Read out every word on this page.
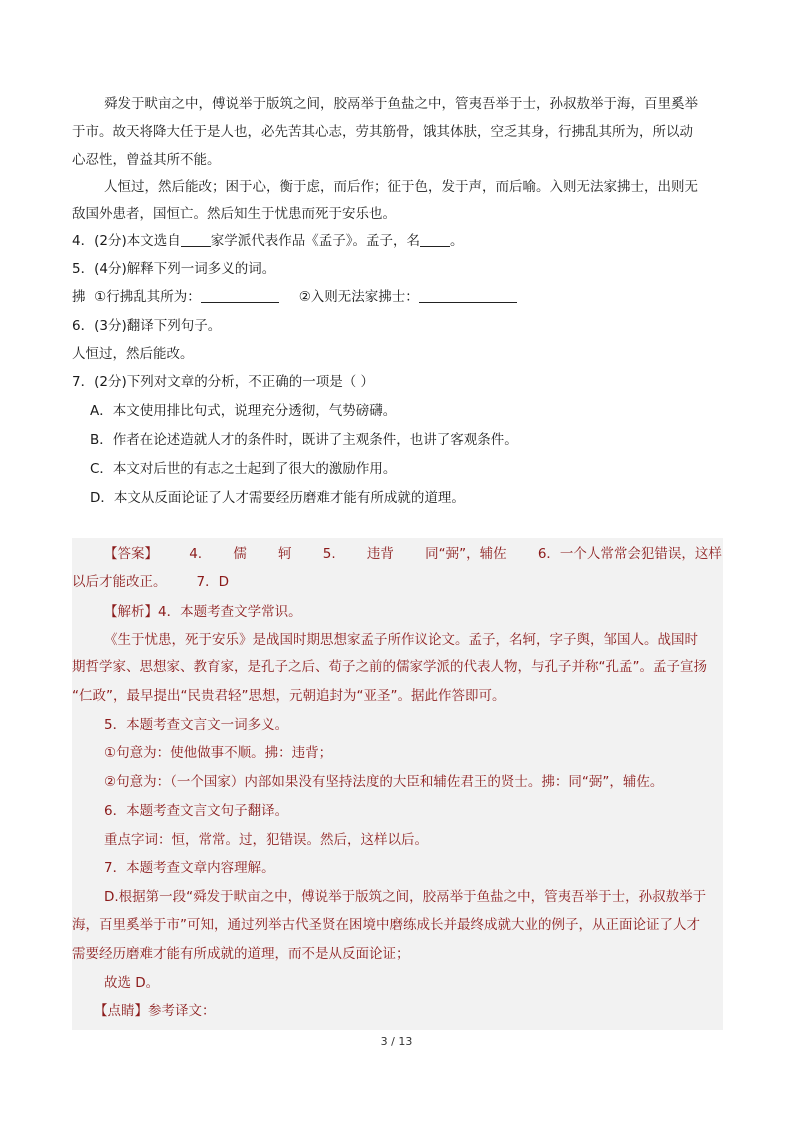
舜发于畎亩之中，傅说举于版筑之间，胶鬲举于鱼盐之中，管夷吾举于士，孙叔敖举于海，百里奚举
于市。故天将降大任于是人也，必先苦其心志，劳其筋骨，饿其体肤，空乏其身，行拂乱其所为，所以动
心忍性，曾益其所不能。
人恒过，然后能改；困于心，衡于虑，而后作；征于色，发于声，而后喻。入则无法家拂士，出则无
敌国外患者，国恒亡。然后知生于忧患而死于安乐也。
4．(2分)本文选自 家学派代表作品《孟子》。孟子，名 。
5．(4分)解释下列一词多义的词。
拂 ①行拂乱其所为：	②入则无法家拂士：
6．(3分)翻译下列句子。
人恒过，然后能改。
7．(2分)下列对文章的分析，不正确的一项是（ ）
A．本文使用排比句式，说理充分透彻，气势磅礴。
B．作者在论述造就人才的条件时，既讲了主观条件，也讲了客观条件。
C．本文对后世的有志之士起到了很大的激励作用。
D．本文从反面论证了人才需要经历磨难才能有所成就的道理。
【答案】 4. 儒 轲 5. 违背 同“弼”，辅佐 6．一个人常常会犯错误，这样
以后才能改正。 7．D
【解析】4．本题考查文学常识。
《生于忧患，死于安乐》是战国时期思想家孟子所作议论文。孟子，名轲，字子舆，邹国人。战国时
期哲学家、思想家、教育家，是孔子之后、荀子之前的儒家学派的代表人物，与孔子并称“孔孟”。孟子宣扬
“仁政”，最早提出“民贵君轻”思想，元朝追封为“亚圣”。据此作答即可。
5．本题考查文言文一词多义。
①句意为：使他做事不顺。拂：违背；
②句意为：（一个国家）内部如果没有坚持法度的大臣和辅佐君王的贤士。拂：同“弼”，辅佐。
6．本题考查文言文句子翻译。
重点字词：恒，常常。过，犯错误。然后，这样以后。
7．本题考查文章内容理解。
D.根据第一段“舜发于畎亩之中，傅说举于版筑之间，胶鬲举于鱼盐之中，管夷吾举于士，孙叔敖举于
海，百里奚举于市”可知，通过列举古代圣贤在困境中磨练成长并最终成就大业的例子，从正面论证了人才
需要经历磨难才能有所成就的道理，而不是从反面论证；
故选 D。
【点睛】参考译文：
3 / 13
